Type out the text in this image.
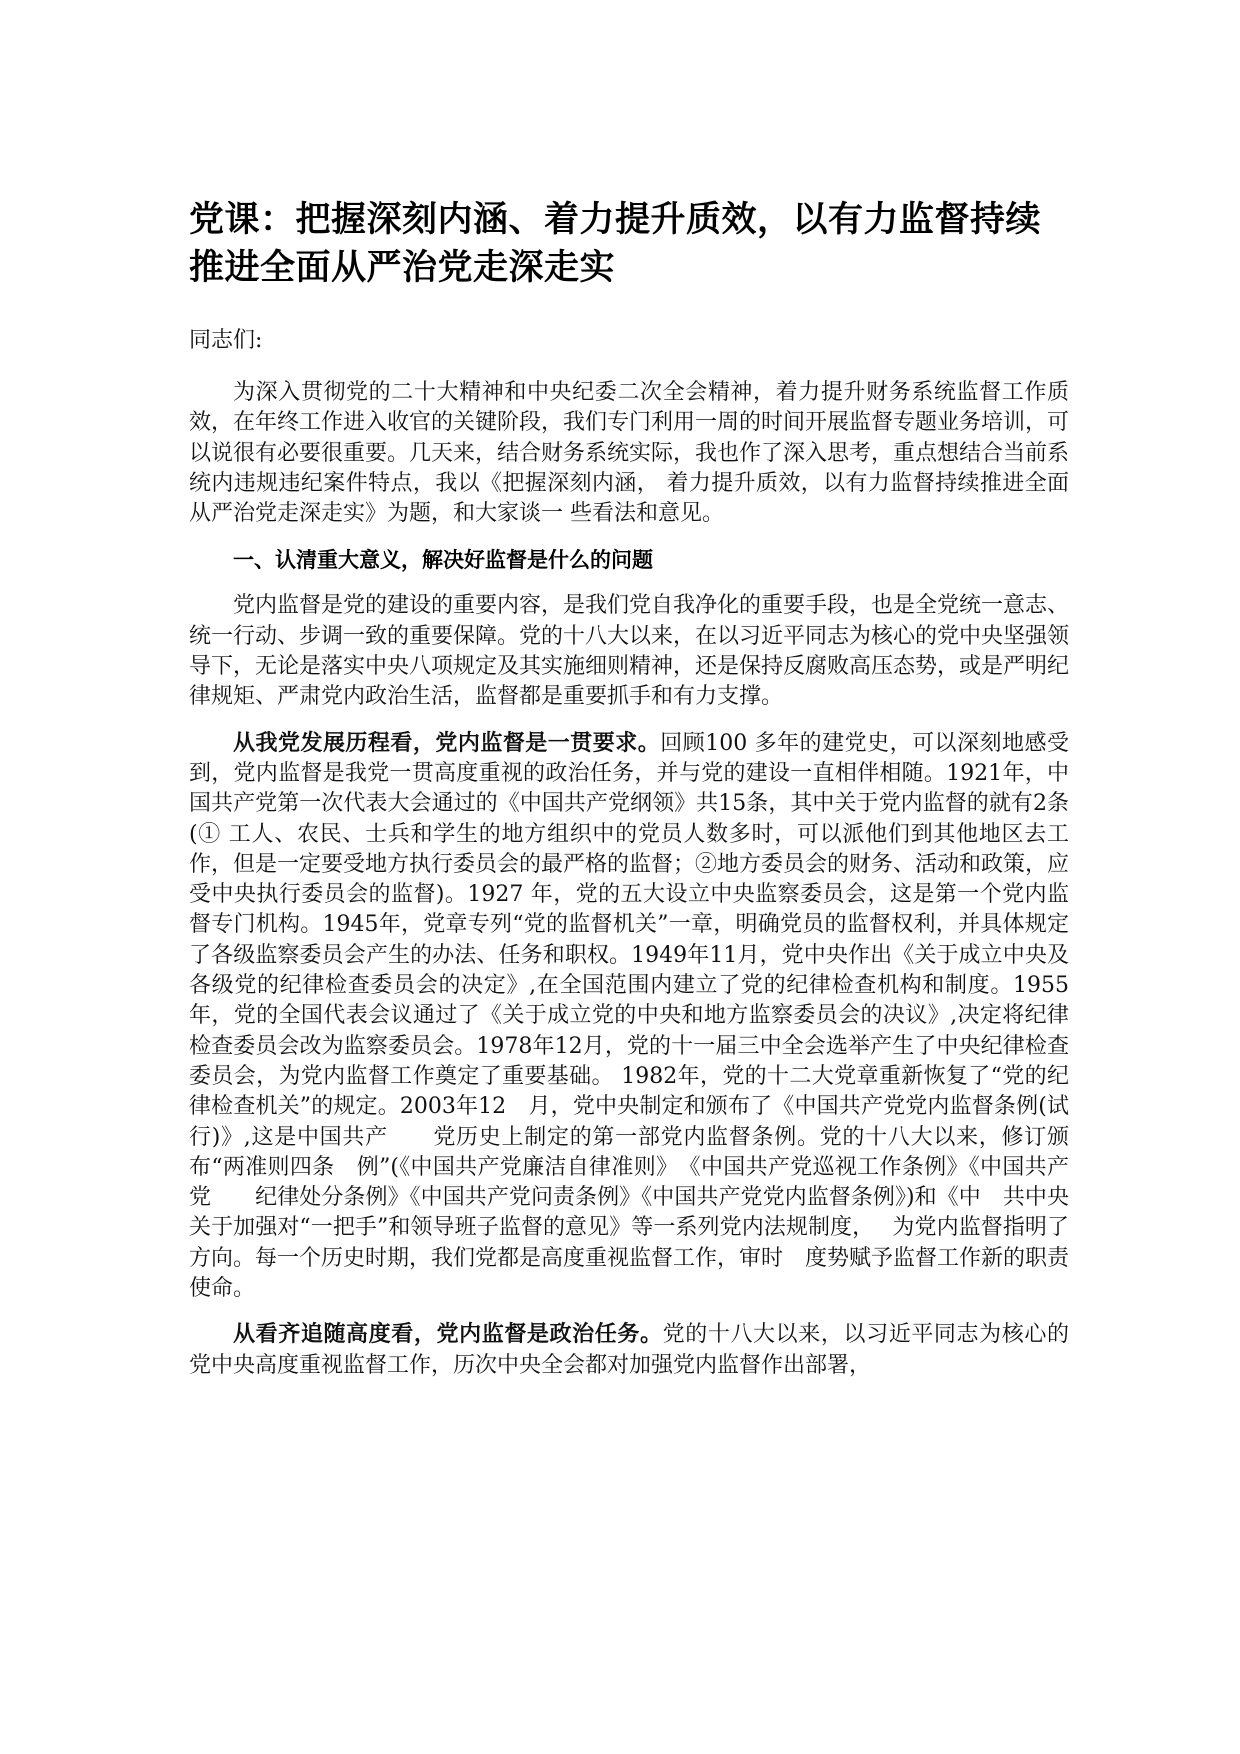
党课：把握深刻内涵、着力提升质效，以有力监督持续推进全面从严治党走深走实

同志们:

为深入贯彻党的二十大精神和中央纪委二次全会精神，着力提升财务系统监督工作质效，在年终工作进入收官的关键阶段，我们专门利用一周的时间开展监督专题业务培训，可以说很有必要很重要。几天来，结合财务系统实际，我也作了深入思考，重点想结合当前系统内违规违纪案件特点，我以《把握深刻内涵， 着力提升质效，以有力监督持续推进全面从严治党走深走实》为题，和大家谈一 些看法和意见。

一、认清重大意义，解决好监督是什么的问题

党内监督是党的建设的重要内容，是我们党自我净化的重要手段，也是全党统一意志、统一行动、步调一致的重要保障。党的十八大以来，在以习近平同志为核心的党中央坚强领导下，无论是落实中央八项规定及其实施细则精神，还是保持反腐败高压态势，或是严明纪律规矩、严肃党内政治生活，监督都是重要抓手和有力支撑。

从我党发展历程看，党内监督是一贯要求。回顾100 多年的建党史，可以深刻地感受到，党内监督是我党一贯高度重视的政治任务，并与党的建设一直相伴相随。1921年，中国共产党第一次代表大会通过的《中国共产党纲领》共15条，其中关于党内监督的就有2条(① 工人、农民、士兵和学生的地方组织中的党员人数多时，可以派他们到其他地区去工作，但是一定要受地方执行委员会的最严格的监督；②地方委员会的财务、活动和政策，应受中央执行委员会的监督)。1927 年，党的五大设立中央监察委员会，这是第一个党内监督专门机构。1945年，党章专列“党的监督机关”一章，明确党员的监督权利，并具体规定了各级监察委员会产生的办法、任务和职权。1949年11月，党中央作出《关于成立中央及各级党的纪律检查委员会的决定》,在全国范围内建立了党的纪律检查机构和制度。1955 年，党的全国代表会议通过了《关于成立党的中央和地方监察委员会的决议》,决定将纪律检查委员会改为监察委员会。1978年12月，党的十一届三中全会选举产生了中央纪律检查委员会，为党内监督工作奠定了重要基础。 1982年，党的十二大党章重新恢复了“党的纪律检查机关”的规定。2003年12　月，党中央制定和颁布了《中国共产党党内监督条例(试行)》,这是中国共产　　党历史上制定的第一部党内监督条例。党的十八大以来，修订颁布“两准则四条　例”(《中国共产党廉洁自律准则》　《中国共产党巡视工作条例》《中国共产党　　纪律处分条例》《中国共产党问责条例》《中国共产党党内监督条例》)和《中　共中央关于加强对“一把手”和领导班子监督的意见》等一系列党内法规制度，　 为党内监督指明了方向。每一个历史时期，我们党都是高度重视监督工作，审时　度势赋予监督工作新的职责使命。

从看齐追随高度看，党内监督是政治任务。党的十八大以来，以习近平同志为核心的党中央高度重视监督工作，历次中央全会都对加强党内监督作出部署，
